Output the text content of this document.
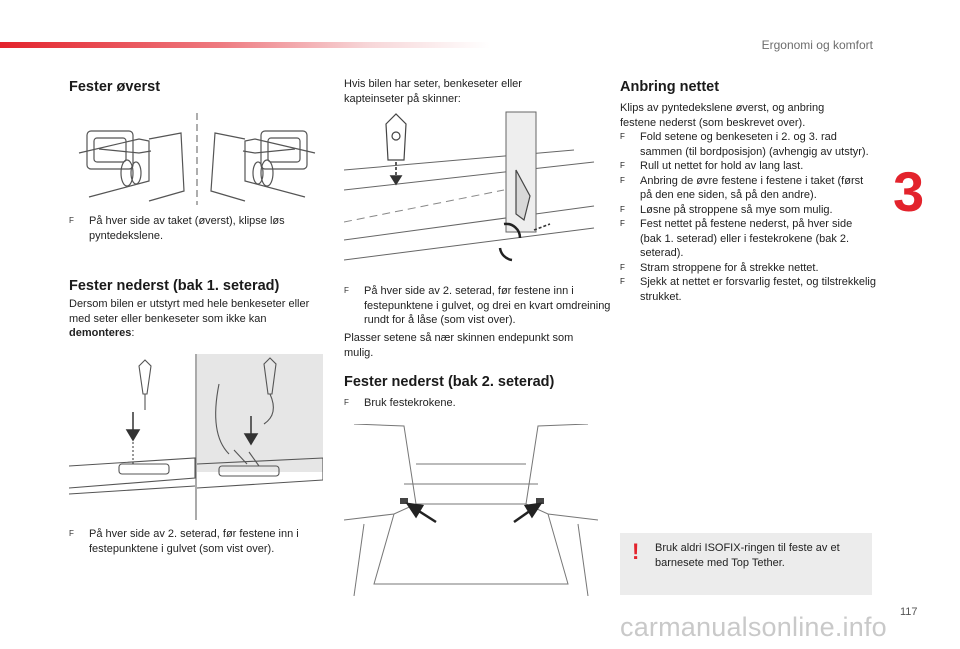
Ergonomi og komfort
3
Fester øverst
F På hver side av taket (øverst), klipse løs pyntedekslene.
Fester nederst (bak 1. seterad)
Dersom bilen er utstyrt med hele benkeseter eller med seter eller benkeseter som ikke kan demonteres:
F På hver side av 2. seterad, før festene inn i festepunktene i gulvet (som vist over).
Hvis bilen har seter, benkeseter eller kapteinseter på skinner:
F På hver side av 2. seterad, før festene inn i festepunktene i gulvet, og drei en kvart omdreining rundt for å låse (som vist over).
Plasser setene så nær skinnen endepunkt som mulig.
Fester nederst (bak 2. seterad)
F Bruk festekrokene.
Anbring nettet
Klips av pyntedekslene øverst, og anbring festene nederst (som beskrevet over).
F Fold setene og benkeseten i 2. og 3. rad sammen (til bordposisjon) (avhengig av utstyr).
F Rull ut nettet for hold av lang last.
F Anbring de øvre festene i festene i taket (først på den ene siden, så på den andre).
F Løsne på stroppene så mye som mulig.
F Fest nettet på festene nederst, på hver side (bak 1. seterad) eller i festekrokene (bak 2. seterad).
F Stram stroppene for å strekke nettet.
F Sjekk at nettet er forsvarlig festet, og tilstrekkelig strukket.
! Bruk aldri ISOFIX-ringen til feste av et barnesete med Top Tether.
117
carmanualsonline.info
